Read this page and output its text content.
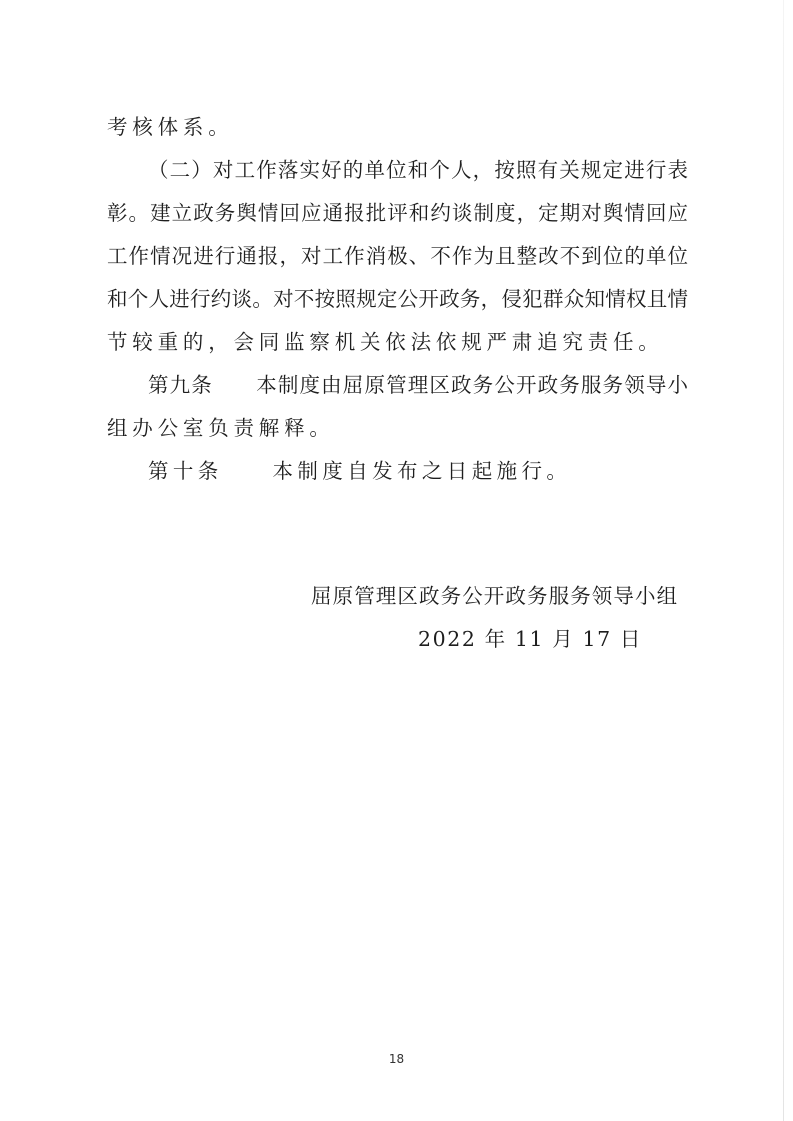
考核体系。
（二）对工作落实好的单位和个人，按照有关规定进行表
彰。建立政务舆情回应通报批评和约谈制度，定期对舆情回应
工作情况进行通报，对工作消极、不作为且整改不到位的单位
和个人进行约谈。对不按照规定公开政务，侵犯群众知情权且情
节较重的，会同监察机关依法依规严肃追究责任。
第九条　　本制度由屈原管理区政务公开政务服务领导小
组办公室负责解释。
第十条　　本制度自发布之日起施行。
屈原管理区政务公开政务服务领导小组
2022 年 11 月 17 日
18
